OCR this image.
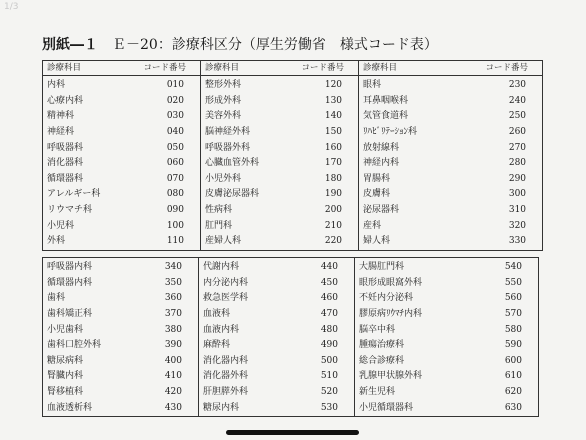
1/3
別紙―１ Ｅ－20：診療科区分（厚生労働省　様式コード表）
診療科目	コード番号	診療科目	コード番号	診療科目	コード番号
内科	010	整形外科	120	眼科	230
心療内科	020	形成外科	130	耳鼻咽喉科	240
精神科	030	美容外科	140	気管食道科	250
神経科	040	脳神経外科	150	ﾘﾊﾋﾞﾘﾃｰｼｮﾝ科	260
呼吸器科	050	呼吸器外科	160	放射線科	270
消化器科	060	心臓血管外科	170	神経内科	280
循環器科	070	小児外科	180	胃腸科	290
アレルギー科	080	皮膚泌尿器科	190	皮膚科	300
リウマチ科	090	性病科	200	泌尿器科	310
小児科	100	肛門科	210	産科	320
外科	110	産婦人科	220	婦人科	330
呼吸器内科	340	代謝内科	440	大腸肛門科	540
循環器内科	350	内分泌内科	450	眼形成眼窩外科	550
歯科	360	救急医学科	460	不妊内分泌科	560
歯科矯正科	370	血液科	470	膠原病ﾘｳﾏﾁ内科	570
小児歯科	380	血液内科	480	脳卒中科	580
歯科口腔外科	390	麻酔科	490	腫瘍治療科	590
糖尿病科	400	消化器内科	500	総合診療科	600
腎臓内科	410	消化器外科	510	乳腺甲状腺外科	610
腎移植科	420	肝胆膵外科	520	新生児科	620
血液透析科	430	糖尿内科	530	小児循環器科	630
